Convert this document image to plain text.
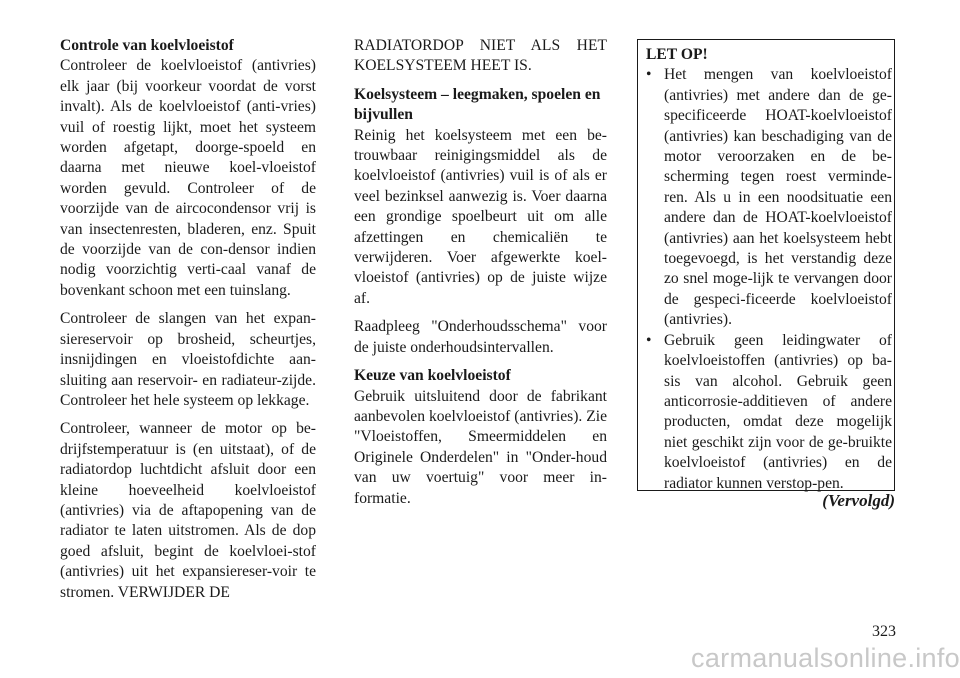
Controle van koelvloeistof

Controleer de koelvloeistof (antivries) elk jaar (bij voorkeur voordat de vorst invalt). Als de koelvloeistof (anti-vries) vuil of roestig lijkt, moet het systeem worden afgetapt, doorge-spoeld en daarna met nieuwe koel-vloeistof worden gevuld. Controleer of de voorzijde van de aircocondensor vrij is van insectenresten, bladeren, enz. Spuit de voorzijde van de con-densor indien nodig voorzichtig verti-caal vanaf de bovenkant schoon met een tuinslang.

Controleer de slangen van het expan-siereservoir op brosheid, scheurtjes, insnijdingen en vloeistofdichte aan-sluiting aan reservoir- en radiateur-zijde. Controleer het hele systeem op lekkage.

Controleer, wanneer de motor op be-drijfstemperatuur is (en uitstaat), of de radiatordop luchtdicht afsluit door een kleine hoeveelheid koelvloeistof (antivries) via de aftapopening van de radiator te laten uitstromen. Als de dop goed afsluit, begint de koelvloei-stof (antivries) uit het expansiereser-voir te stromen. VERWIJDER DE

RADIATORDOP NIET ALS HET KOELSYSTEEM HEET IS.

Koelsysteem – leegmaken, spoelen en bijvullen

Reinig het koelsysteem met een be-trouwbaar reinigingsmiddel als de koelvloeistof (antivries) vuil is of als er veel bezinksel aanwezig is. Voer daarna een grondige spoelbeurt uit om alle afzettingen en chemicaliën te verwijderen. Voer afgewerkte koel-vloeistof (antivries) op de juiste wijze af.

Raadpleeg "Onderhoudsschema" voor de juiste onderhoudsintervallen.

Keuze van koelvloeistof

Gebruik uitsluitend door de fabrikant aanbevolen koelvloeistof (antivries). Zie "Vloeistoffen, Smeermiddelen en Originele Onderdelen" in "Onder-houd van uw voertuig" voor meer in-formatie.

LET OP!
• Het mengen van koelvloeistof (antivries) met andere dan de ge-specificeerde HOAT-koelvloeistof (antivries) kan beschadiging van de motor veroorzaken en de be-scherming tegen roest verminde-ren. Als u in een noodsituatie een andere dan de HOAT-koelvloeistof (antivries) aan het koelsysteem hebt toegevoegd, is het verstandig deze zo snel moge-lijk te vervangen door de gespeci-ficeerde koelvloeistof (antivries).
• Gebruik geen leidingwater of koelvloeistoffen (antivries) op ba-sis van alcohol. Gebruik geen anticorrosie-additieven of andere producten, omdat deze mogelijk niet geschikt zijn voor de ge-bruikte koelvloeistof (antivries) en de radiator kunnen verstop-pen.
(Vervolgd)
323
carmanualsonline.info
